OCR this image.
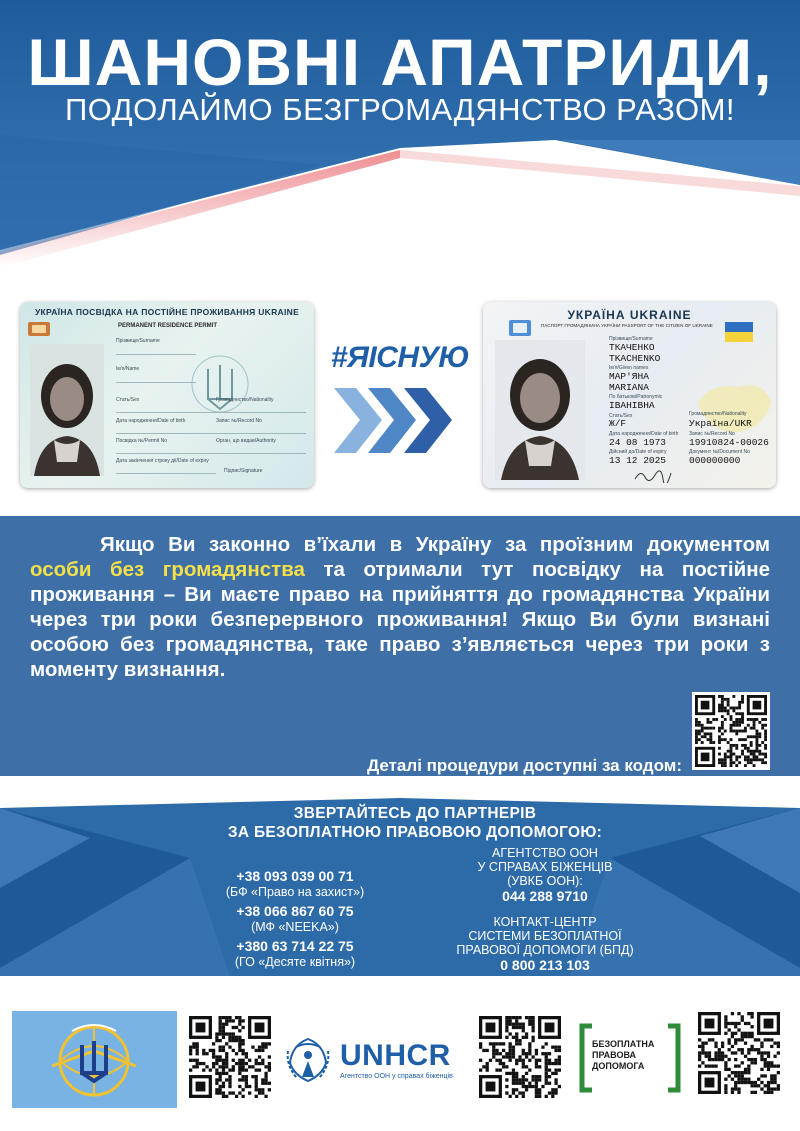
ШАНОВНІ АПАТРИДИ,
ПОДОЛАЙМО БЕЗГРОМАДЯНСТВО РАЗОМ!
УКРАЇНА ПОСВІДКА НА ПОСТІЙНЕ ПРОЖИВАННЯ UKRAINE
PERMANENT RESIDENCE PERMIT
Прізвище/Surname
Ім'я/Name
Стать/Sex	Громадянство/Nationality
Дата народження/Date of birth	Запис №/Record No
Посвідка №/Permit No	Орган, що видав/Authority
Дата закінчення строку дії/Date of expiry
Підпис/Signature
#ЯІСНУЮ
УКРАЇНА UKRAINE
ПАСПОРТ ГРОМАДЯНИНА УКРАЇНИ PASSPORT OF THE CITIZEN OF UKRAINE
Прізвище/Surname
ТКАЧЕНКО
TKACHENKO
Ім'я/Given names
МАР'ЯНА
MARIANA
По батькові/Patronymic
ІВАНІВНА
Стать/Sex
Ж/F
Громадянство/Nationality
Україна/UKR
Дата народження/Date of birth
24 08 1973
Запис №/Record No
19910824-00026
Дійсний до/Date of expiry
13 12 2025
Документ №/Document No
000000000

Якщо Ви законно в’їхали в Україну за проїзним документом особи без громадянства та отримали тут посвідку на постійне проживання – Ви маєте право на прийняття до громадянства України через три роки безперервного проживання! Якщо Ви були визнані особою без громадянства, таке право з’являється через три роки з моменту визнання.

Деталі процедури доступні за кодом:
ЗВЕРТАЙТЕСЬ ДО ПАРТНЕРІВ
ЗА БЕЗОПЛАТНОЮ ПРАВОВОЮ ДОПОМОГОЮ:
+38 093 039 00 71
(БФ «Право на захист»)
+38 066 867 60 75
(МФ «NEEKA»)
+380 63 714 22 75
(ГО «Десяте квітня»)
АГЕНТСТВО ООН
У СПРАВАХ БІЖЕНЦІВ
(УВКБ ООН):
044 288 9710
КОНТАКТ-ЦЕНТР
СИСТЕМИ БЕЗОПЛАТНОЇ
ПРАВОВОЇ ДОПОМОГИ (БПД)
0 800 213 103
UNHCR
Агентство ООН у справах біженців
БЕЗОПЛАТНА
ПРАВОВА
ДОПОМОГА
